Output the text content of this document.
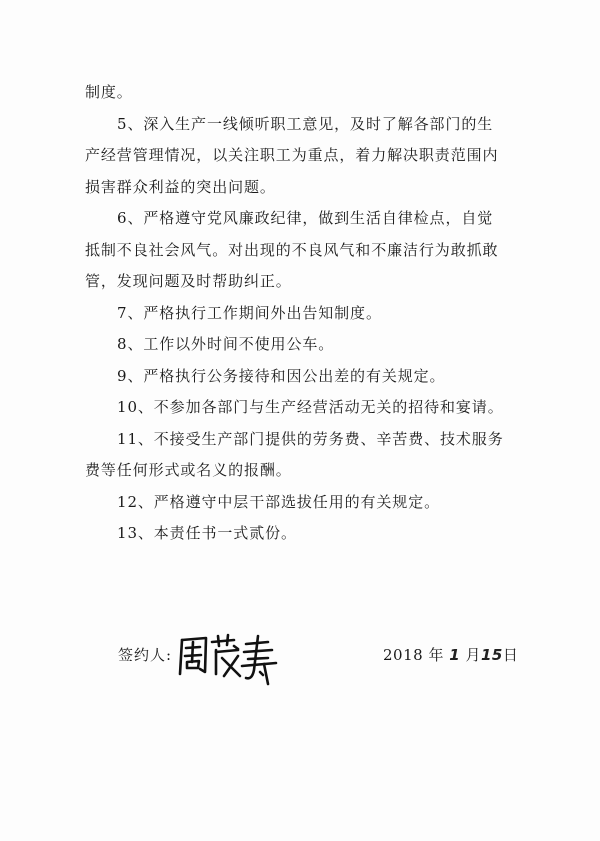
制度。

5、深入生产一线倾听职工意见，及时了解各部门的生

产经营管理情况，以关注职工为重点，着力解决职责范围内

损害群众利益的突出问题。

6、严格遵守党风廉政纪律，做到生活自律检点，自觉

抵制不良社会风气。对出现的不良风气和不廉洁行为敢抓敢

管，发现问题及时帮助纠正。

7、严格执行工作期间外出告知制度。

8、工作以外时间不使用公车。

9、严格执行公务接待和因公出差的有关规定。

10、不参加各部门与生产经营活动无关的招待和宴请。

11、不接受生产部门提供的劳务费、辛苦费、技术服务

费等任何形式或名义的报酬。

12、严格遵守中层干部选拔任用的有关规定。

13、本责任书一式贰份。

签约人:	2018 年 1 月15日
